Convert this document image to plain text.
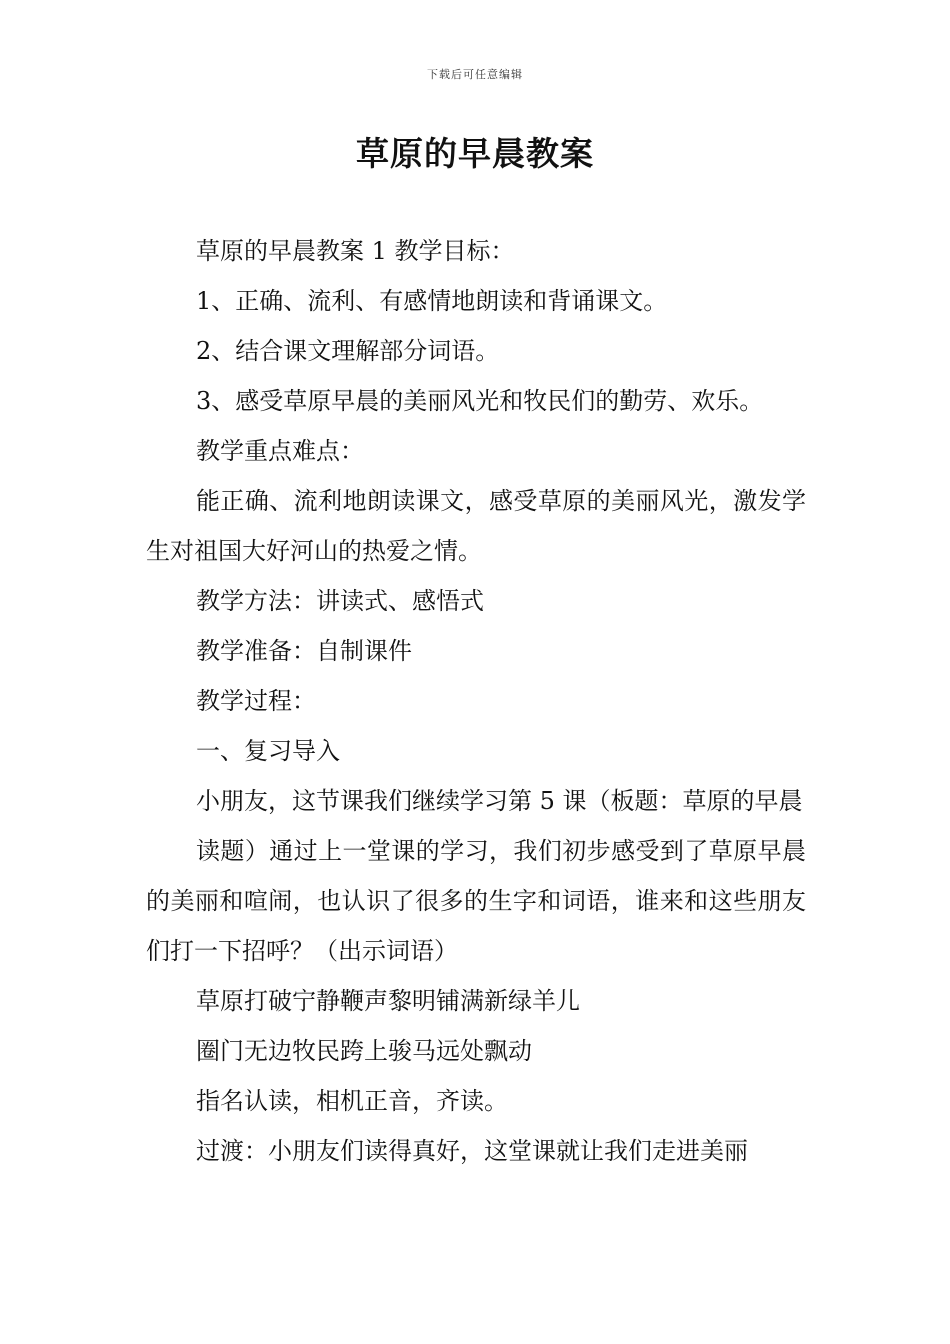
下载后可任意编辑
草原的早晨教案

草原的早晨教案 1 教学目标：

1、正确、流利、有感情地朗读和背诵课文。

2、结合课文理解部分词语。

3、感受草原早晨的美丽风光和牧民们的勤劳、欢乐。

教学重点难点：

能正确、流利地朗读课文，感受草原的美丽风光，激发学生对祖国大好河山的热爱之情。

教学方法：讲读式、感悟式

教学准备：自制课件

教学过程：

一、复习导入

小朋友，这节课我们继续学习第 5 课（板题：草原的早晨

读题）通过上一堂课的学习，我们初步感受到了草原早晨的美丽和喧闹，也认识了很多的生字和词语，谁来和这些朋友们打一下招呼？（出示词语）

草原打破宁静鞭声黎明铺满新绿羊儿

圈门无边牧民跨上骏马远处飘动

指名认读，相机正音，齐读。

过渡：小朋友们读得真好，这堂课就让我们走进美丽
